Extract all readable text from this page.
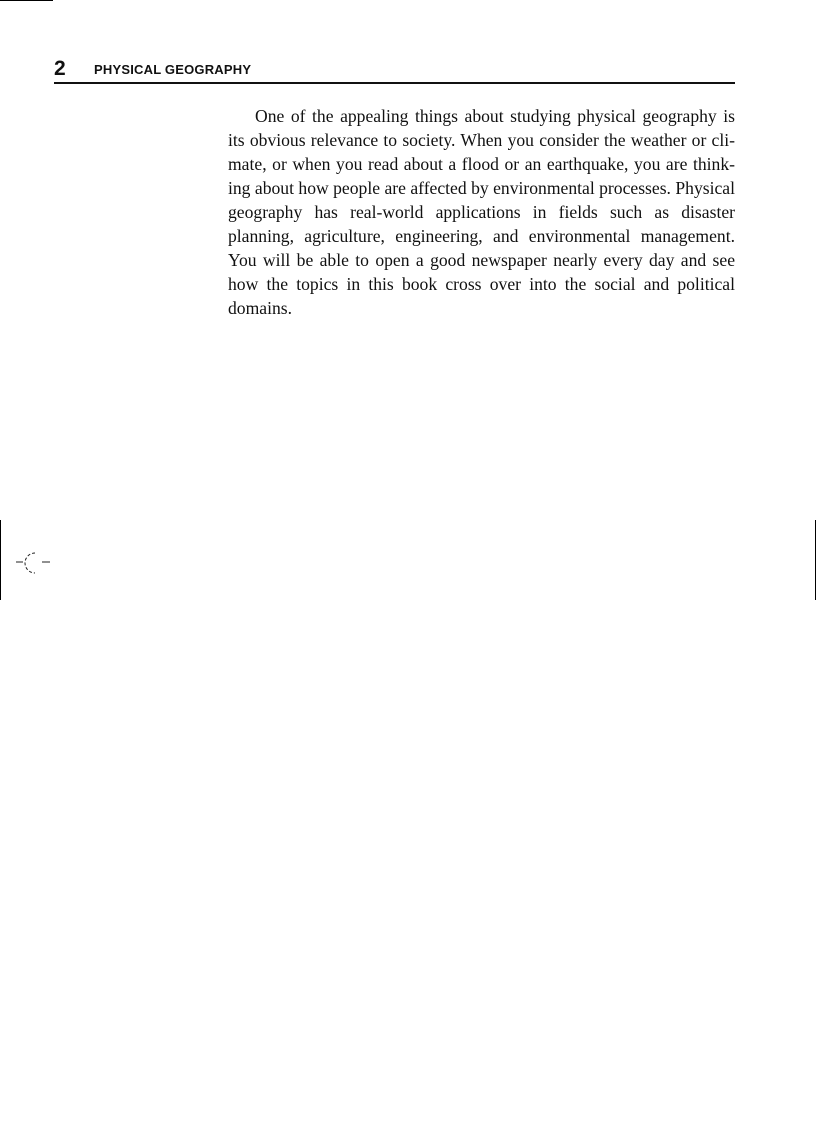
2 PHYSICAL GEOGRAPHY

One of the appealing things about studying physical geography is its obvious relevance to society. When you consider the weather or cli-mate, or when you read about a flood or an earthquake, you are think-ing about how people are affected by environmental processes. Physical geography has real-world applications in fields such as disaster planning, agriculture, engineering, and environmental management. You will be able to open a good newspaper nearly every day and see how the topics in this book cross over into the social and political domains.
